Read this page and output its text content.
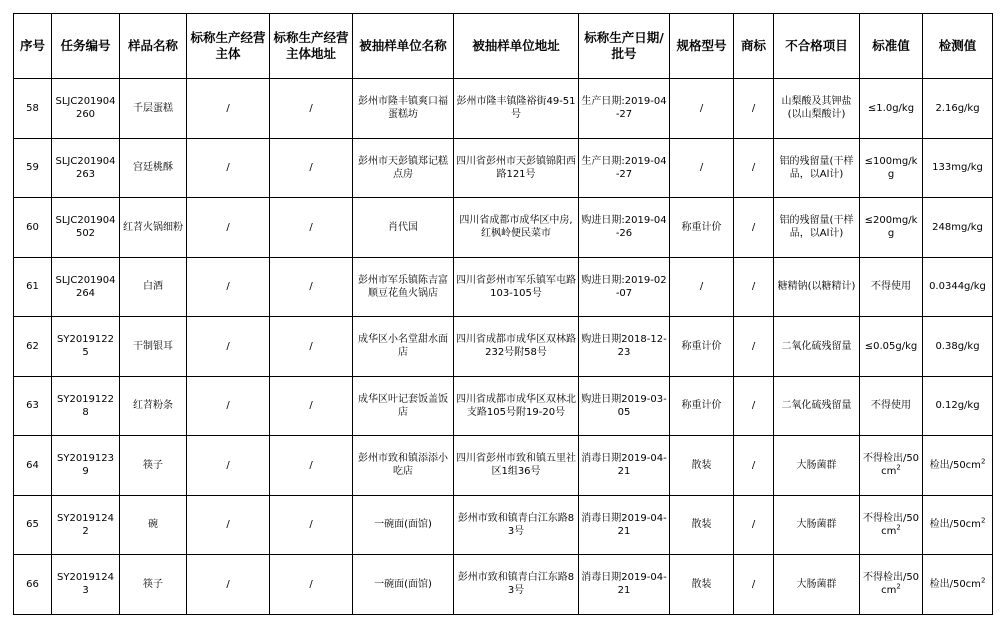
序号	任务编号	样品名称	标称生产经营主体	标称生产经营主体地址	被抽样单位名称	被抽样单位地址	标称生产日期/批号	规格型号	商标	不合格项目	标准值	检测值
58	SLJC201904260	千层蛋糕	/	/	彭州市隆丰镇爽口福蛋糕坊	彭州市隆丰镇隆裕街49-51号	生产日期:2019-04-27	/	/	山梨酸及其钾盐(以山梨酸计)	≤1.0g/kg	2.16g/kg
59	SLJC201904263	宫廷桃酥	/	/	彭州市天彭镇郑记糕点房	四川省彭州市天彭镇锦阳西路121号	生产日期:2019-04-27	/	/	铝的残留量(干样品，以Al计)	≤100mg/kg	133mg/kg
60	SLJC201904502	红苕火锅细粉	/	/	肖代国	四川省成都市成华区中房,红枫岭便民菜市	购进日期:2019-04-26	称重计价	/	铝的残留量(干样品，以Al计)	≤200mg/kg	248mg/kg
61	SLJC201904264	白酒	/	/	彭州市军乐镇陈吉富顺豆花鱼火锅店	四川省彭州市军乐镇军屯路103-105号	购进日期:2019-02-07	/	/	糖精钠(以糖精计)	不得使用	0.0344g/kg
62	SY20191225	干制银耳	/	/	成华区小名堂甜水面店	四川省成都市成华区双林路232号附58号	购进日期2018-12-23	称重计价	/	二氧化硫残留量	≤0.05g/kg	0.38g/kg
63	SY20191228	红苕粉条	/	/	成华区叶记套饭盖饭店	四川省成都市成华区双林北支路105号附19-20号	购进日期2019-03-05	称重计价	/	二氧化硫残留量	不得使用	0.12g/kg
64	SY20191239	筷子	/	/	彭州市致和镇添添小吃店	四川省彭州市致和镇五里社区1组36号	消毒日期2019-04-21	散装	/	大肠菌群	不得检出$/50cm^2$	检出$/50cm^2$
65	SY20191242	碗	/	/	一碗面(面馆)	彭州市致和镇青白江东路83号	消毒日期2019-04-21	散装	/	大肠菌群	不得检出$/50cm^2$	检出$/50cm^2$
66	SY20191243	筷子	/	/	一碗面(面馆)	彭州市致和镇青白江东路83号	消毒日期2019-04-21	散装	/	大肠菌群	不得检出$/50cm^2$	检出$/50cm^2$
